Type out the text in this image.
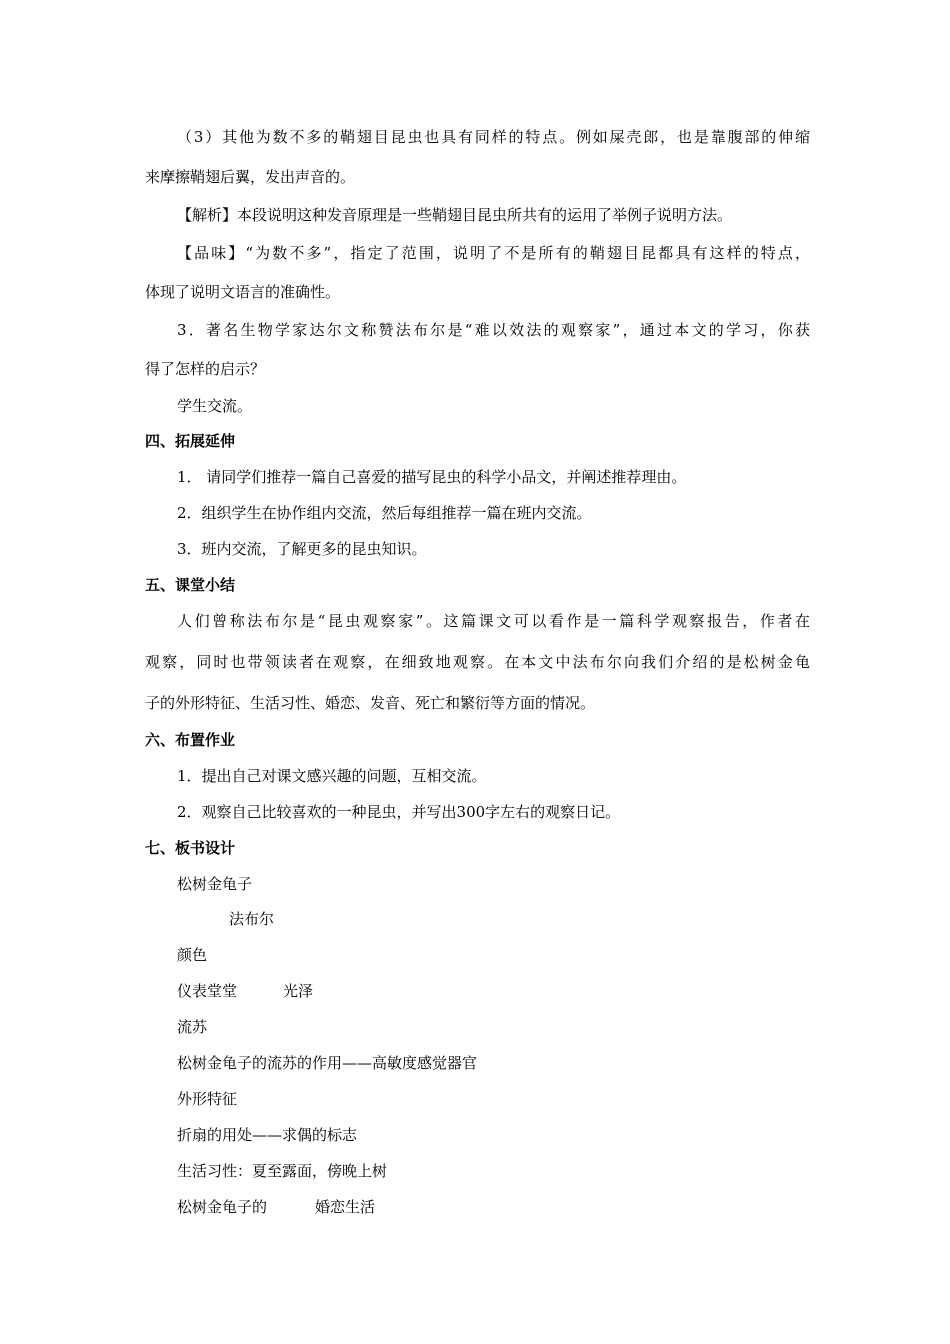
（3）其他为数不多的鞘翅目昆虫也具有同样的特点。例如屎壳郎，也是靠腹部的伸缩
来摩擦鞘翅后翼，发出声音的。
【解析】本段说明这种发音原理是一些鞘翅目昆虫所共有的运用了举例子说明方法。
【品味】“为数不多”，指定了范围，说明了不是所有的鞘翅目昆都具有这样的特点，
体现了说明文语言的准确性。
3．著名生物学家达尔文称赞法布尔是“难以效法的观察家”，通过本文的学习，你获
得了怎样的启示？
学生交流。
四、拓展延伸
1． 请同学们推荐一篇自己喜爱的描写昆虫的科学小品文，并阐述推荐理由。
2．组织学生在协作组内交流，然后每组推荐一篇在班内交流。
3．班内交流，了解更多的昆虫知识。
五、课堂小结
人们曾称法布尔是“昆虫观察家”。这篇课文可以看作是一篇科学观察报告，作者在
观察，同时也带领读者在观察，在细致地观察。在本文中法布尔向我们介绍的是松树金龟
子的外形特征、生活习性、婚恋、发音、死亡和繁衍等方面的情况。
六、布置作业
1．提出自己对课文感兴趣的问题，互相交流。
2．观察自己比较喜欢的一种昆虫，并写出300字左右的观察日记。
七、板书设计
松树金龟子
法布尔
颜色
仪表堂堂	光泽
流苏
松树金龟子的流苏的作用——高敏度感觉器官
外形特征
折扇的用处——求偶的标志
生活习性：夏至露面，傍晚上树
松树金龟子的	婚恋生活
